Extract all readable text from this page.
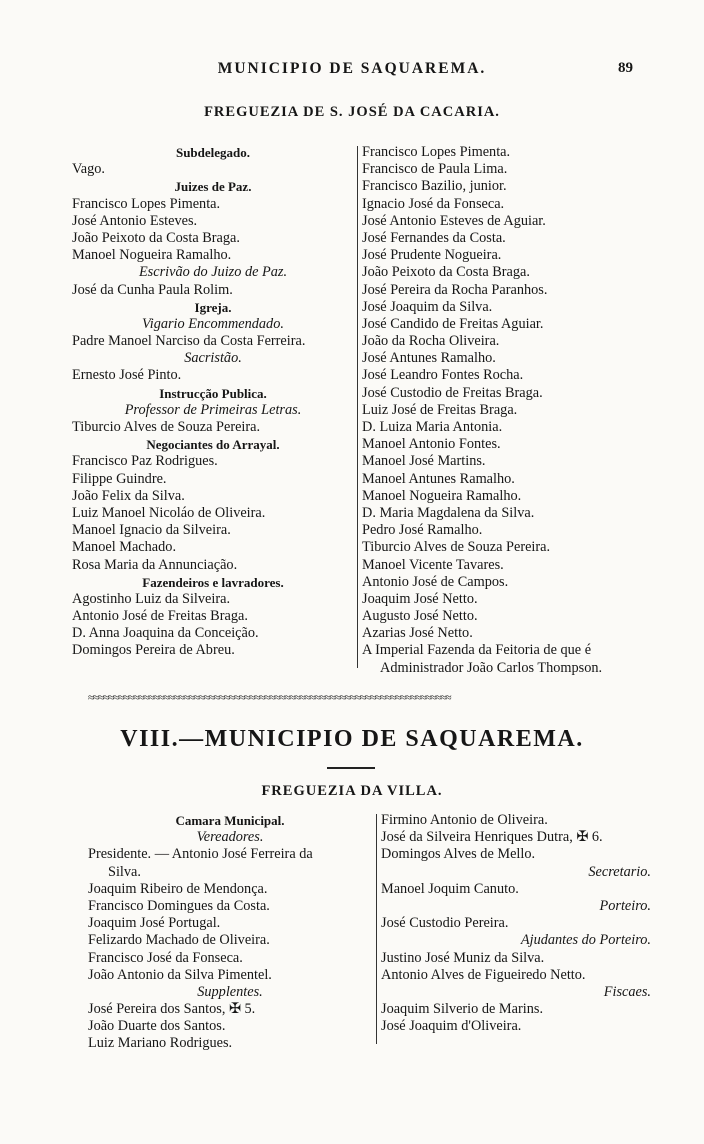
MUNICIPIO DE SAQUAREMA.	89
FREGUEZIA DE S. JOSÉ DA CACARIA.
Subdelegado.
Vago.
Juizes de Paz.
Francisco Lopes Pimenta.
José Antonio Esteves.
João Peixoto da Costa Braga.
Manoel Nogueira Ramalho.
Escrivão do Juizo de Paz.
José da Cunha Paula Rolim.
Igreja.
Vigario Encommendado.
Padre Manoel Narciso da Costa Ferreira.
Sacristão.
Ernesto José Pinto.
Instrucção Publica.
Professor de Primeiras Letras.
Tiburcio Alves de Souza Pereira.
Negociantes do Arrayal.
Francisco Paz Rodrigues.
Filippe Guindre.
João Felix da Silva.
Luiz Manoel Nicoláo de Oliveira.
Manoel Ignacio da Silveira.
Manoel Machado.
Rosa Maria da Annunciação.
Fazendeiros e lavradores.
Agostinho Luiz da Silveira.
Antonio José de Freitas Braga.
D. Anna Joaquina da Conceição.
Domingos Pereira de Abreu.
Francisco Lopes Pimenta.
Francisco de Paula Lima.
Francisco Bazilio, junior.
Ignacio José da Fonseca.
José Antonio Esteves de Aguiar.
José Fernandes da Costa.
José Prudente Nogueira.
João Peixoto da Costa Braga.
José Pereira da Rocha Paranhos.
José Joaquim da Silva.
José Candido de Freitas Aguiar.
João da Rocha Oliveira.
José Antunes Ramalho.
José Leandro Fontes Rocha.
José Custodio de Freitas Braga.
Luiz José de Freitas Braga.
D. Luiza Maria Antonia.
Manoel Antonio Fontes.
Manoel José Martins.
Manoel Antunes Ramalho.
Manoel Nogueira Ramalho.
D. Maria Magdalena da Silva.
Pedro José Ramalho.
Tiburcio Alves de Souza Pereira.
Manoel Vicente Tavares.
Antonio José de Campos.
Joaquim José Netto.
Augusto José Netto.
Azarias José Netto.
A Imperial Fazenda da Feitoria de que é
Administrador João Carlos Thompson.
≈≈≈≈≈≈≈≈≈≈≈≈≈≈≈≈≈≈≈≈≈≈≈≈≈≈≈≈≈≈≈≈≈≈≈≈≈≈≈≈≈≈≈≈≈≈≈≈≈≈≈≈≈≈≈≈≈≈≈≈≈≈≈≈≈≈≈≈≈≈≈≈
VIII.—MUNICIPIO DE SAQUAREMA.
FREGUEZIA DA VILLA.
Camara Municipal.
Vereadores.
Presidente. — Antonio José Ferreira da
Silva.
Joaquim Ribeiro de Mendonça.
Francisco Domingues da Costa.
Joaquim José Portugal.
Felizardo Machado de Oliveira.
Francisco José da Fonseca.
João Antonio da Silva Pimentel.
Supplentes.
José Pereira dos Santos, ✠ 5.
João Duarte dos Santos.
Luiz Mariano Rodrigues.
Firmino Antonio de Oliveira.
José da Silveira Henriques Dutra, ✠ 6.
Domingos Alves de Mello.
Secretario.
Manoel Joquim Canuto.
Porteiro.
José Custodio Pereira.
Ajudantes do Porteiro.
Justino José Muniz da Silva.
Antonio Alves de Figueiredo Netto.
Fiscaes.
Joaquim Silverio de Marins.
José Joaquim d'Oliveira.
